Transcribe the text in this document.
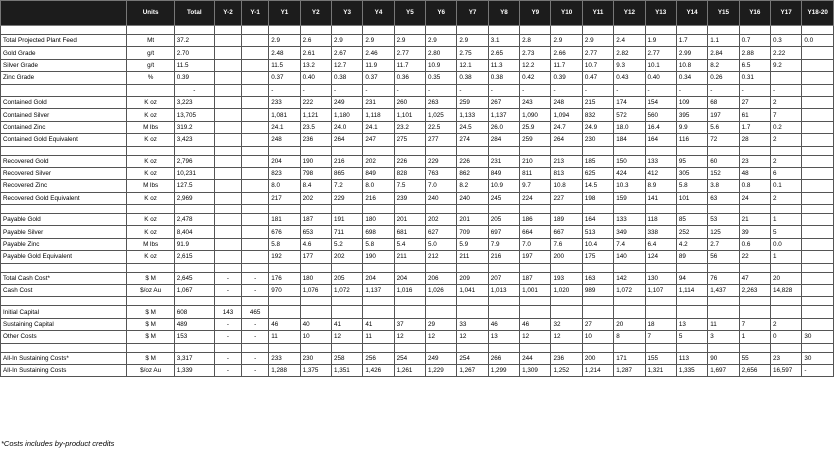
	Units	Total	Y-2	Y-1	Y1	Y2	Y3	Y4	Y5	Y6	Y7	Y8	Y9	Y10	Y11	Y12	Y13	Y14	Y15	Y16	Y17	Y18-20

Total Projected Plant Feed	Mt	37.2			2.9	2.6	2.9	2.9	2.9	2.9	2.9	3.1	2.8	2.9	2.9	2.4	1.9	1.7	1.1	0.7	0.3	0.0
Gold Grade	g/t	2.70			2.48	2.61	2.67	2.46	2.77	2.80	2.75	2.65	2.73	2.66	2.77	2.82	2.77	2.99	2.84	2.88	2.22	
Silver Grade	g/t	11.5			11.5	13.2	12.7	11.9	11.7	10.9	12.1	11.3	12.2	11.7	10.7	9.3	10.1	10.8	8.2	6.5	9.2	
Zinc Grade	%	0.39			0.37	0.40	0.38	0.37	0.36	0.35	0.38	0.38	0.42	0.39	0.47	0.43	0.40	0.34	0.26	0.31		
		-			-	-	-	-	-	-	-	-	-	-	-	-	-	-	-	-	-	
Contained Gold	K oz	3,223			233	222	249	231	260	263	259	267	243	248	215	174	154	109	68	27	2	
Contained Silver	K oz	13,705			1,081	1,121	1,180	1,118	1,101	1,025	1,133	1,137	1,090	1,094	832	572	560	395	197	61	7	
Contained Zinc	M lbs	319.2			24.1	23.5	24.0	24.1	23.2	22.5	24.5	26.0	25.9	24.7	24.9	18.0	16.4	9.9	5.6	1.7	0.2	
Contained Gold Equivalent	K oz	3,423			248	236	264	247	275	277	274	284	259	264	230	184	164	116	72	28	2	

Recovered Gold	K oz	2,796			204	190	216	202	226	229	226	231	210	213	185	150	133	95	60	23	2	
Recovered Silver	K oz	10,231			823	798	865	849	828	763	862	849	811	813	625	424	412	305	152	48	6	
Recovered Zinc	M lbs	127.5			8.0	8.4	7.2	8.0	7.5	7.0	8.2	10.9	9.7	10.8	14.5	10.3	8.9	5.8	3.8	0.8	0.1	
Recovered Gold Equivalent	K oz	2,969			217	202	229	216	239	240	240	245	224	227	198	159	141	101	63	24	2	

Payable Gold	K oz	2,478			181	187	191	180	201	202	201	205	186	189	164	133	118	85	53	21	1	
Payable Silver	K oz	8,404			676	653	711	698	681	627	709	697	664	667	513	349	338	252	125	39	5	
Payable Zinc	M lbs	91.9			5.8	4.6	5.2	5.8	5.4	5.0	5.9	7.9	7.0	7.6	10.4	7.4	6.4	4.2	2.7	0.6	0.0	
Payable Gold Equivalent	K oz	2,615			192	177	202	190	211	212	211	216	197	200	175	140	124	89	56	22	1	

Total Cash Cost*	$ M	2,645	-	-	176	180	205	204	204	206	209	207	187	193	163	142	130	94	76	47	20	
Cash Cost	$/oz Au	1,067	-	-	970	1,076	1,072	1,137	1,016	1,026	1,041	1,013	1,001	1,020	989	1,072	1,107	1,114	1,437	2,263	14,828	

Initial Capital	$ M	608	143	465																		
Sustaining Capital	$ M	489	-	-	46	40	41	41	37	29	33	46	46	32	27	20	18	13	11	7	2	
Other Costs	$ M	153	-	-	11	10	12	11	12	12	12	13	12	12	10	8	7	5	3	1	0	30

All-In Sustaining Costs*	$ M	3,317	-	-	233	230	258	256	254	249	254	266	244	236	200	171	155	113	90	55	23	30
All-In Sustaining Costs	$/oz Au	1,339	-	-	1,288	1,375	1,351	1,426	1,261	1,229	1,267	1,299	1,309	1,252	1,214	1,287	1,321	1,335	1,697	2,656	16,597	-
*Costs includes by-product credits
